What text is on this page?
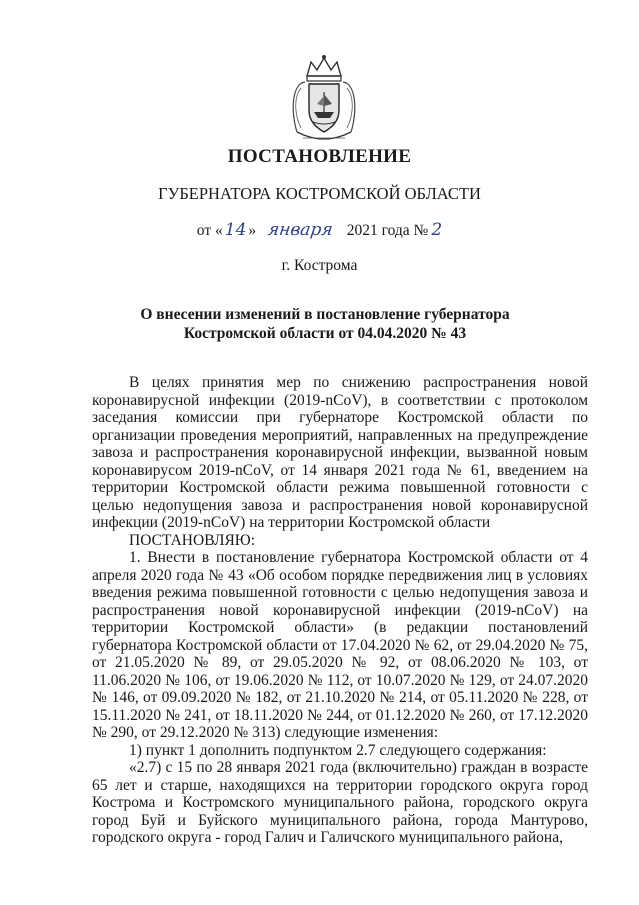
ПОСТАНОВЛЕНИЕ
ГУБЕРНАТОРА КОСТРОМСКОЙ ОБЛАСТИ
от « 14 » января 2021 года № 2
г. Кострома
О внесении изменений в постановление губернатора
Костромской области от 04.04.2020 № 43

В целях принятия мер по снижению распространения новой коронавирусной инфекции (2019-nCoV), в соответствии с протоколом заседания комиссии при губернаторе Костромской области по организации проведения мероприятий, направленных на предупреждение завоза и распространения коронавирусной инфекции, вызванной новым коронавирусом 2019-nCoV, от 14 января 2021 года № 61, введением на территории Костромской области режима повышенной готовности с целью недопущения завоза и распространения новой коронавирусной инфекции (2019-nCoV) на территории Костромской области

ПОСТАНОВЛЯЮ:

1. Внести в постановление губернатора Костромской области от 4 апреля 2020 года № 43 «Об особом порядке передвижения лиц в условиях введения режима повышенной готовности с целью недопущения завоза и распространения новой коронавирусной инфекции (2019-nCoV) на территории Костромской области» (в редакции постановлений губернатора Костромской области от 17.04.2020 № 62, от 29.04.2020 № 75, от 21.05.2020 № 89, от 29.05.2020 № 92, от 08.06.2020 № 103, от 11.06.2020 № 106, от 19.06.2020 № 112, от 10.07.2020 № 129, от 24.07.2020 № 146, от 09.09.2020 № 182, от 21.10.2020 № 214, от 05.11.2020 № 228, от 15.11.2020 № 241, от 18.11.2020 № 244, от 01.12.2020 № 260, от 17.12.2020 № 290, от 29.12.2020 № 313) следующие изменения:

1) пункт 1 дополнить подпунктом 2.7 следующего содержания:

«2.7) с 15 по 28 января 2021 года (включительно) граждан в возрасте 65 лет и старше, находящихся на территории городского округа город Кострома и Костромского муниципального района, городского округа город Буй и Буйского муниципального района, города Мантурово, городского округа - город Галич и Галичского муниципального района,
